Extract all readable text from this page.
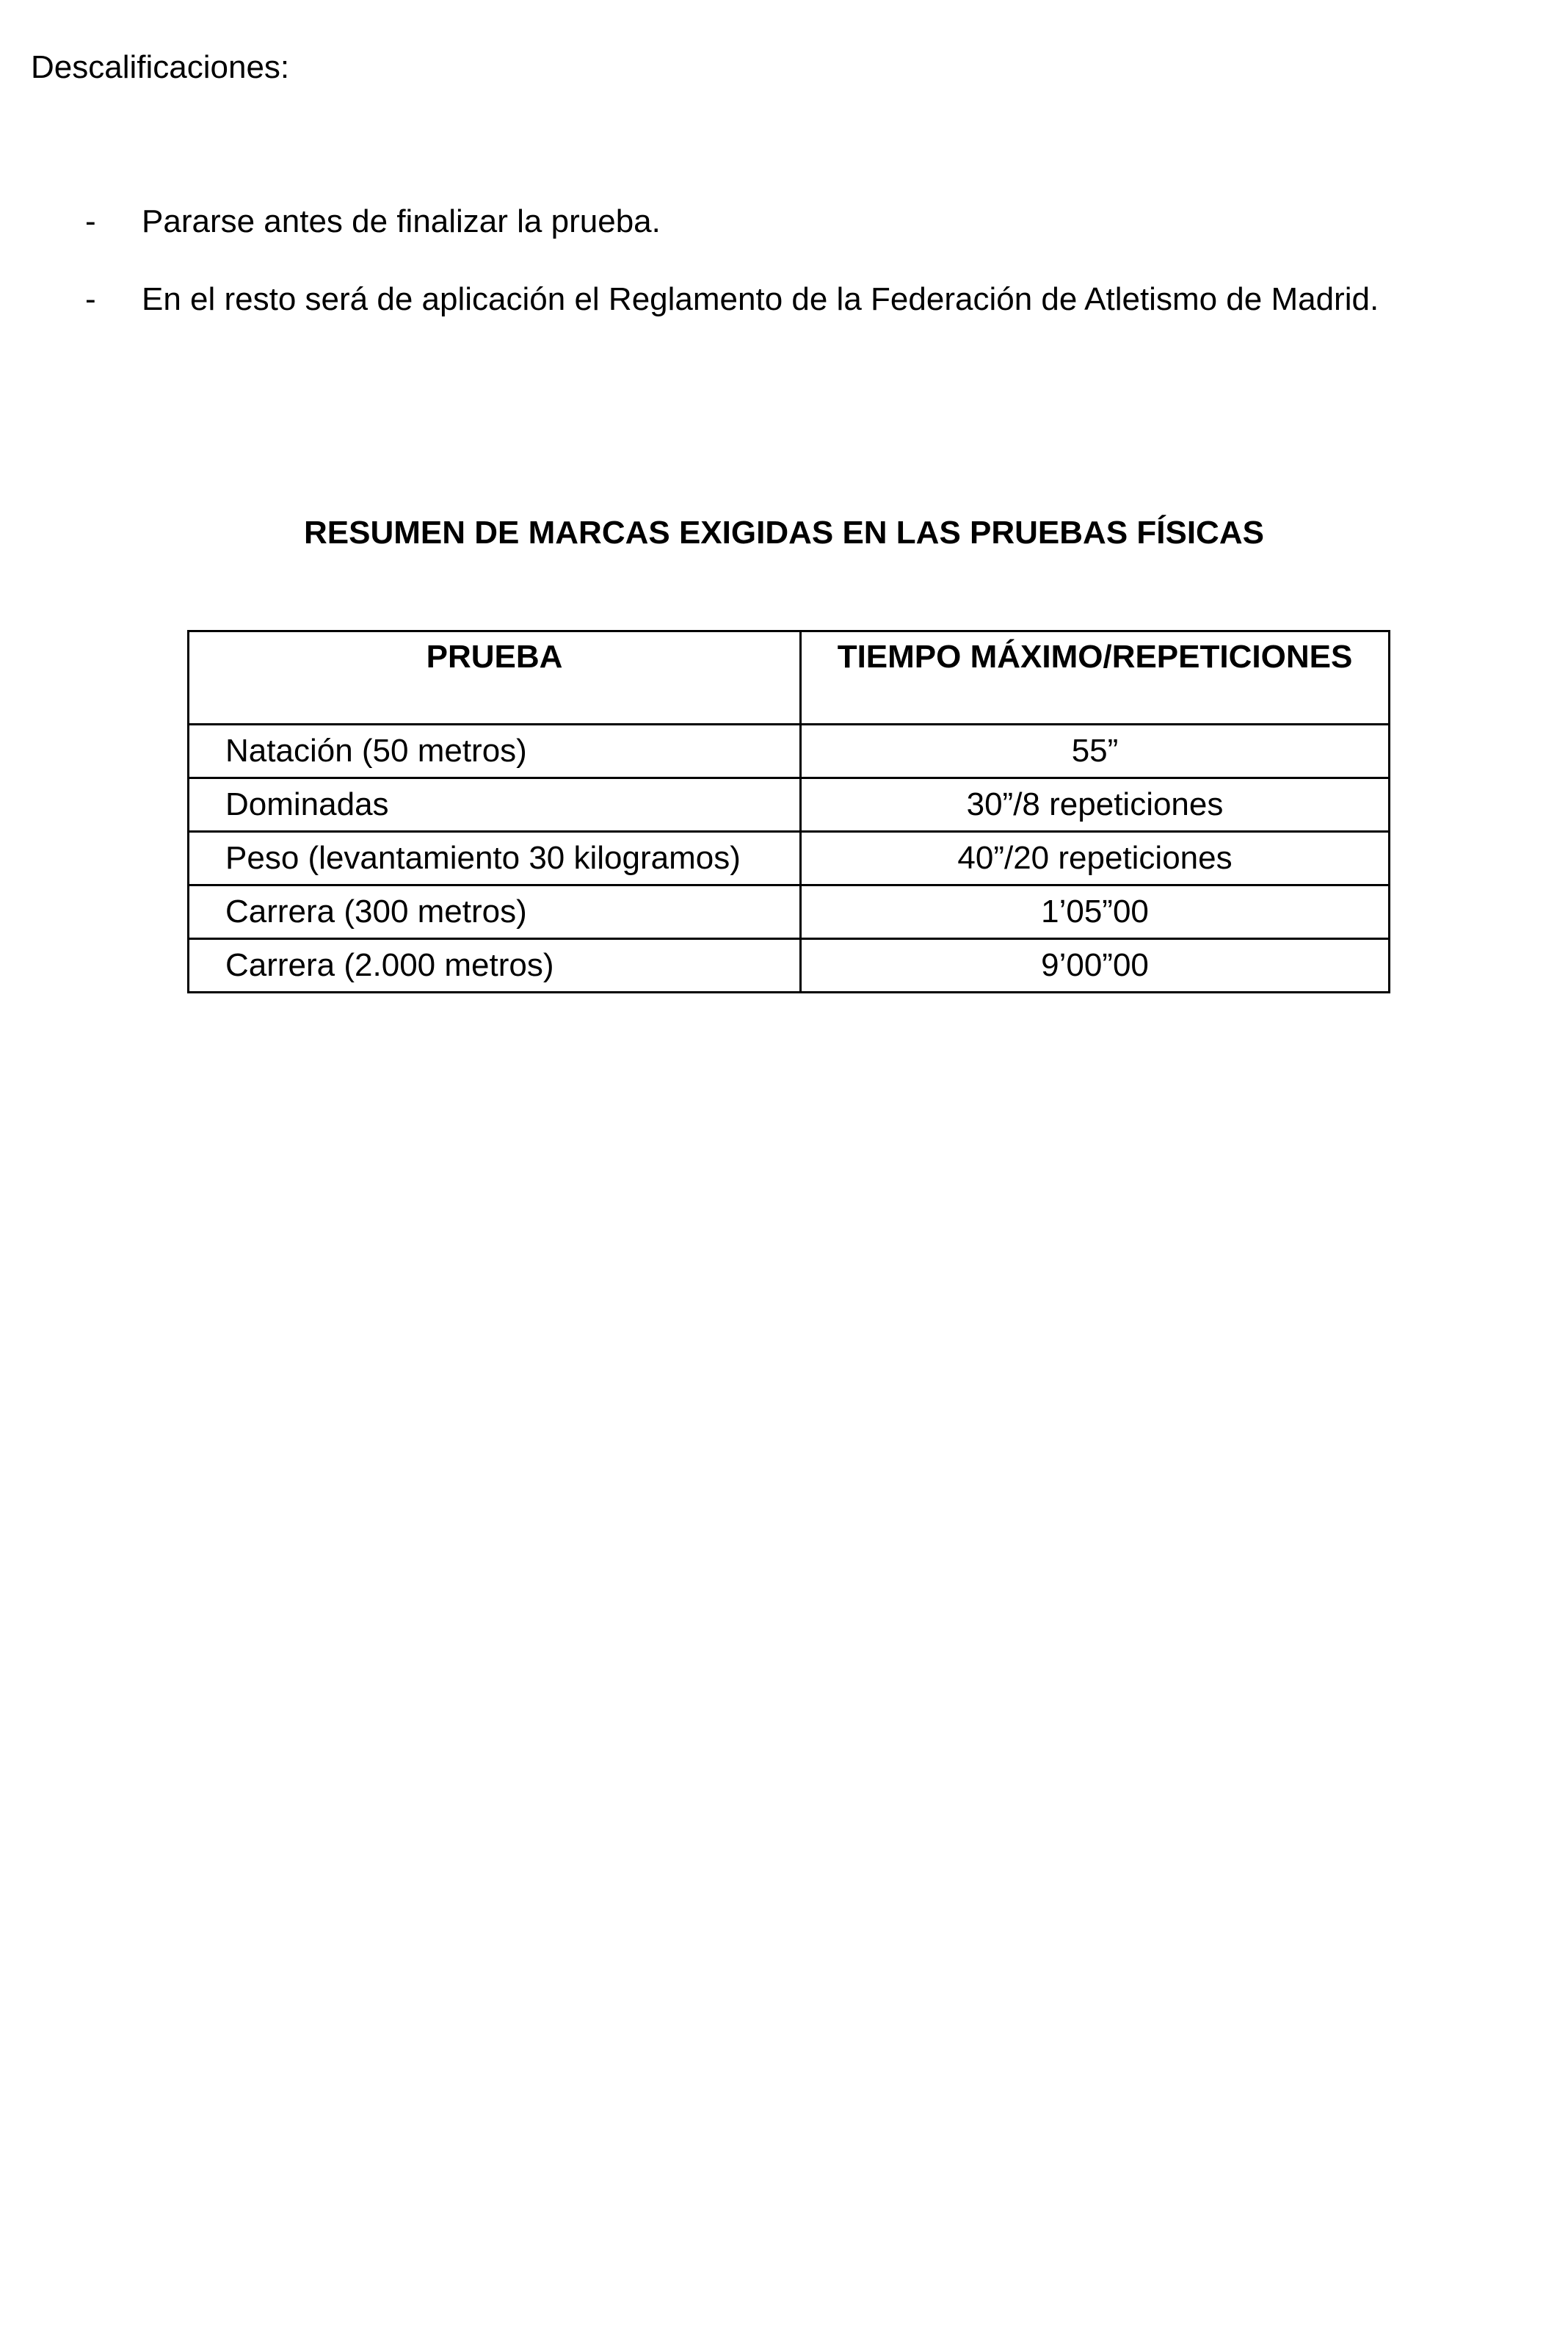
Descalificaciones:

- Pararse antes de finalizar la prueba.
- En el resto será de aplicación el Reglamento de la Federación de Atletismo de Madrid.
RESUMEN DE MARCAS EXIGIDAS EN LAS PRUEBAS FÍSICAS
PRUEBA	TIEMPO MÁXIMO/REPETICIONES
Natación (50 metros)	55”
Dominadas	30”/8 repeticiones
Peso (levantamiento 30 kilogramos)	40”/20 repeticiones
Carrera (300 metros)	1’05”00
Carrera (2.000 metros)	9’00”00
